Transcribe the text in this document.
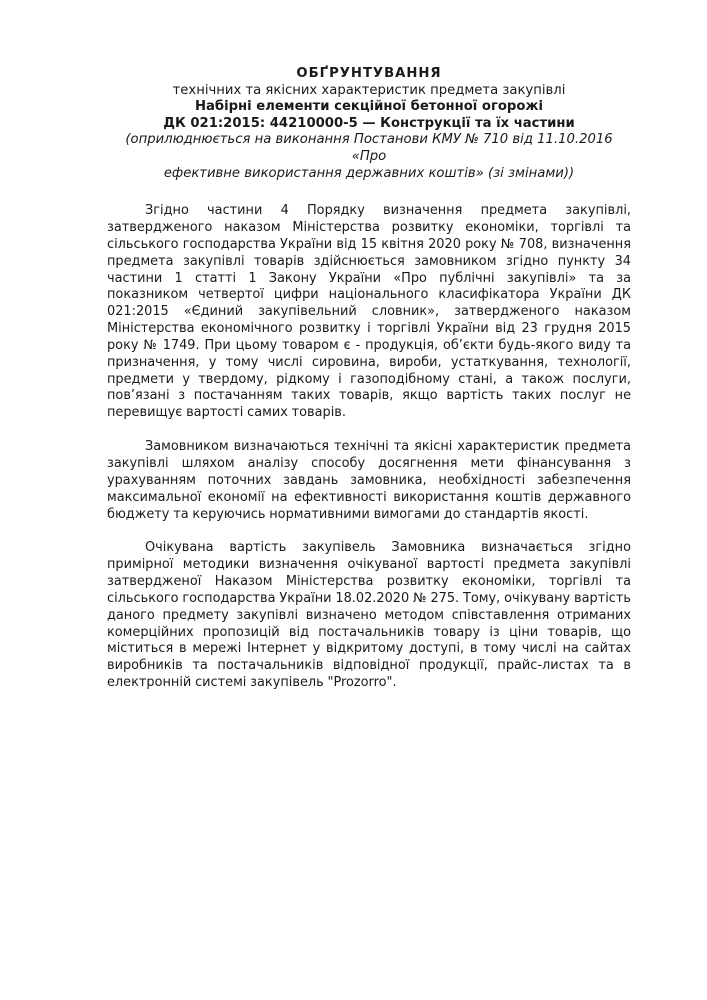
ОБҐРУНТУВАННЯ
технічних та якісних характеристик предмета закупівлі
Набірні елементи секційної бетонної огорожі
ДК 021:2015: 44210000-5 — Конструкції та їх частини
(оприлюднюється на виконання Постанови КМУ № 710 від 11.10.2016 «Про
ефективне використання державних коштів» (зі змінами))

Згідно частини 4 Порядку визначення предмета закупівлі, затвердженого наказом Міністерства розвитку економіки, торгівлі та сільського господарства України від 15 квітня 2020 року № 708, визначення предмета закупівлі товарів здійснюється замовником згідно пункту 34 частини 1 статті 1 Закону України «Про публічні закупівлі» та за показником четвертої цифри національного класифікатора України ДК 021:2015 «Єдиний закупівельний словник», затвердженого наказом Міністерства економічного розвитку і торгівлі України від 23 грудня 2015 року № 1749. При цьому товаром є - продукція, об’єкти будь-якого виду та призначення, у тому числі сировина, вироби, устаткування, технології, предмети у твердому, рідкому і газоподібному стані, а також послуги, пов’язані з постачанням таких товарів, якщо вартість таких послуг не перевищує вартості самих товарів.

Замовником визначаються технічні та якісні характеристик предмета закупівлі шляхом аналізу способу досягнення мети фінансування з урахуванням поточних завдань замовника, необхідності забезпечення максимальної економії на ефективності використання коштів державного бюджету та керуючись нормативними вимогами до стандартів якості.

Очікувана вартість закупівель Замовника визначається згідно примірної методики визначення очікуваної вартості предмета закупівлі затвердженої Наказом Міністерства розвитку економіки, торгівлі та сільського господарства України 18.02.2020 № 275. Тому, очікувану вартість даного предмету закупівлі визначено методом співставлення отриманих комерційних пропозицій від постачальників товару із ціни товарів, що міститься в мережі Інтернет у відкритому доступі, в тому числі на сайтах виробників та постачальників відповідної продукції, прайс-листах та в електронній системі закупівель "Prozorro".
